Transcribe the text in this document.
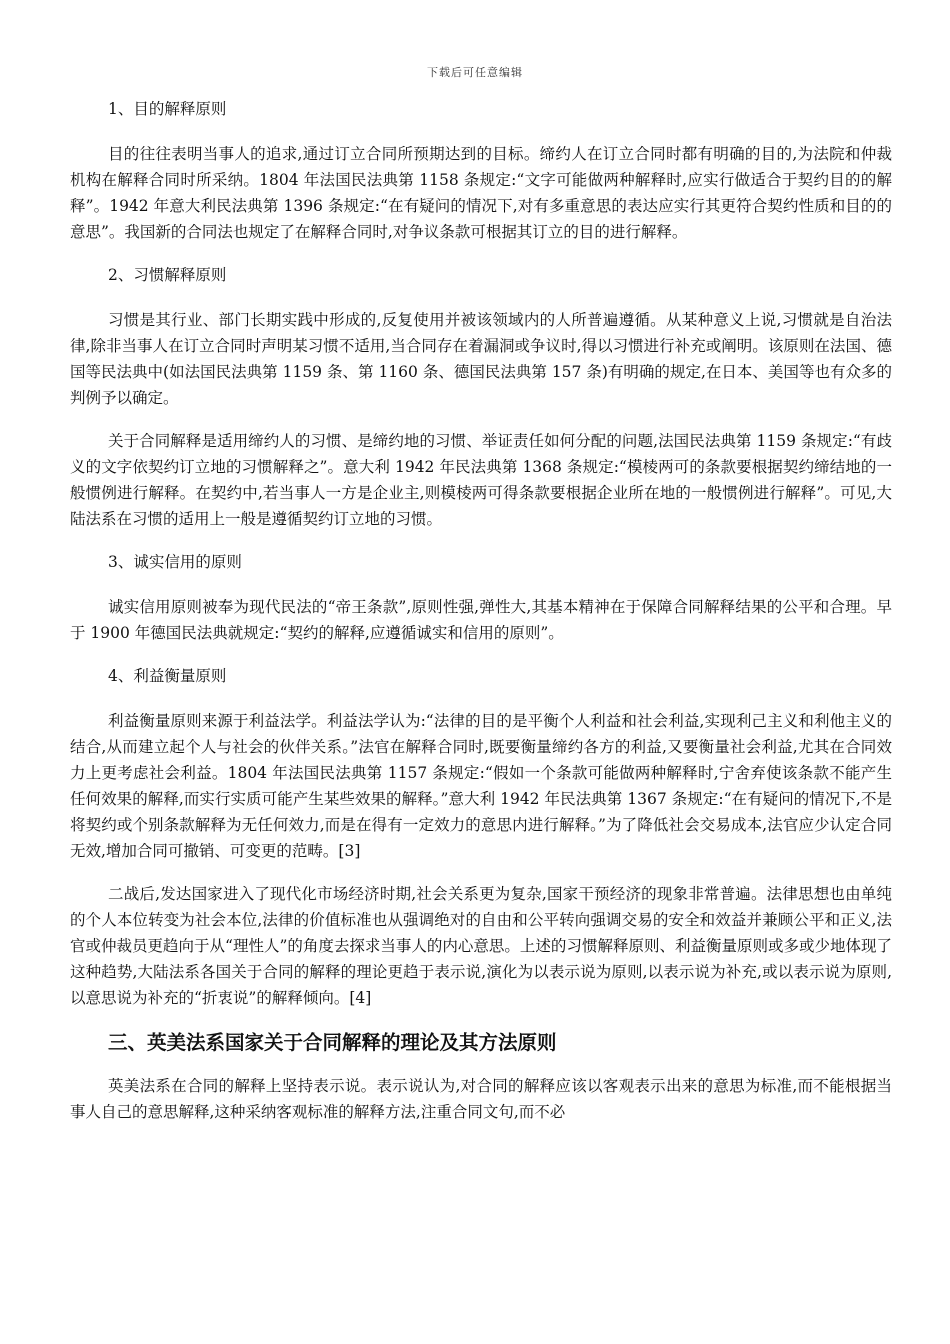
下载后可任意编辑
1、目的解释原则

目的往往表明当事人的追求,通过订立合同所预期达到的目标。缔约人在订立合同时都有明确的目的,为法院和仲裁机构在解释合同时所采纳。1804 年法国民法典第 1158 条规定:“文字可能做两种解释时,应实行做适合于契约目的的解释”。1942 年意大利民法典第 1396 条规定:“在有疑问的情况下,对有多重意思的表达应实行其更符合契约性质和目的的意思”。我国新的合同法也规定了在解释合同时,对争议条款可根据其订立的目的进行解释。

2、习惯解释原则

习惯是其行业、部门长期实践中形成的,反复使用并被该领域内的人所普遍遵循。从某种意义上说,习惯就是自治法律,除非当事人在订立合同时声明某习惯不适用,当合同存在着漏洞或争议时,得以习惯进行补充或阐明。该原则在法国、德国等民法典中(如法国民法典第 1159 条、第 1160 条、德国民法典第 157 条)有明确的规定,在日本、美国等也有众多的判例予以确定。

关于合同解释是适用缔约人的习惯、是缔约地的习惯、举证责任如何分配的问题,法国民法典第 1159 条规定:“有歧义的文字依契约订立地的习惯解释之”。意大利 1942 年民法典第 1368 条规定:“模棱两可的条款要根据契约缔结地的一般惯例进行解释。在契约中,若当事人一方是企业主,则模棱两可得条款要根据企业所在地的一般惯例进行解释”。可见,大陆法系在习惯的适用上一般是遵循契约订立地的习惯。

3、诚实信用的原则

诚实信用原则被奉为现代民法的“帝王条款”,原则性强,弹性大,其基本精神在于保障合同解释结果的公平和合理。早于 1900 年德国民法典就规定:“契约的解释,应遵循诚实和信用的原则”。

4、利益衡量原则

利益衡量原则来源于利益法学。利益法学认为:“法律的目的是平衡个人利益和社会利益,实现利己主义和利他主义的结合,从而建立起个人与社会的伙伴关系。”法官在解释合同时,既要衡量缔约各方的利益,又要衡量社会利益,尤其在合同效力上更考虑社会利益。1804 年法国民法典第 1157 条规定:“假如一个条款可能做两种解释时,宁舍弃使该条款不能产生任何效果的解释,而实行实质可能产生某些效果的解释。”意大利 1942 年民法典第 1367 条规定:“在有疑问的情况下,不是将契约或个别条款解释为无任何效力,而是在得有一定效力的意思内进行解释。”为了降低社会交易成本,法官应少认定合同无效,增加合同可撤销、可变更的范畴。[3]

二战后,发达国家进入了现代化市场经济时期,社会关系更为复杂,国家干预经济的现象非常普遍。法律思想也由单纯的个人本位转变为社会本位,法律的价值标准也从强调绝对的自由和公平转向强调交易的安全和效益并兼顾公平和正义,法官或仲裁员更趋向于从“理性人”的角度去探求当事人的内心意思。上述的习惯解释原则、利益衡量原则或多或少地体现了这种趋势,大陆法系各国关于合同的解释的理论更趋于表示说,演化为以表示说为原则,以表示说为补充,或以表示说为原则,以意思说为补充的“折衷说”的解释倾向。[4]

三、英美法系国家关于合同解释的理论及其方法原则

英美法系在合同的解释上坚持表示说。表示说认为,对合同的解释应该以客观表示出来的意思为标准,而不能根据当事人自己的意思解释,这种采纳客观标准的解释方法,注重合同文句,而不必
